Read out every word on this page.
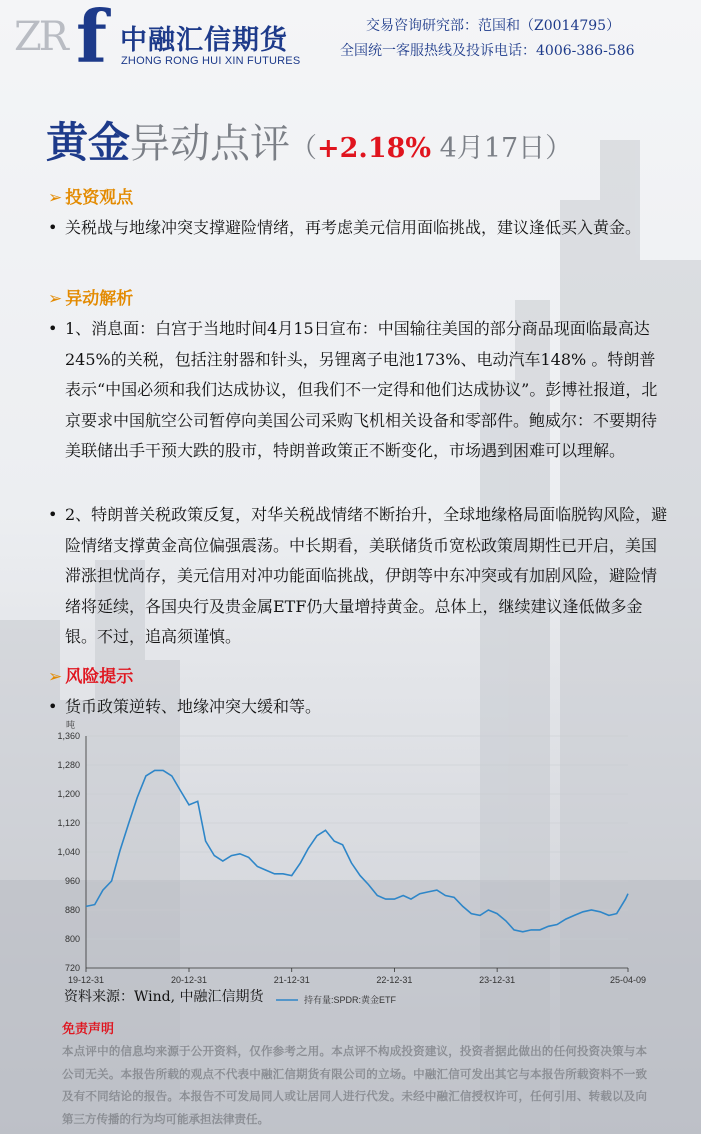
ZR f 中融汇信期货
ZHONG RONG HUI XIN FUTURES
交易咨询研究部：范国和（Z0014795）
全国统一客服热线及投诉电话：4006-386-586
黄金异动点评（+2.18% 4月17日）
➢ 投资观点
• 关税战与地缘冲突支撑避险情绪，再考虑美元信用面临挑战，建议逢低买入黄金。
➢ 异动解析
• 1、消息面：白宫于当地时间4月15日宣布：中国输往美国的部分商品现面临最高达245%的关税，包括注射器和针头，另锂离子电池173%、电动汽车148% 。特朗普表示“中国必须和我们达成协议，但我们不一定得和他们达成协议”。彭博社报道，北京要求中国航空公司暂停向美国公司采购飞机相关设备和零部件。鲍威尔：不要期待美联储出手干预大跌的股市，特朗普政策正不断变化，市场遇到困难可以理解。
• 2、特朗普关税政策反复，对华关税战情绪不断抬升，全球地缘格局面临脱钩风险，避险情绪支撑黄金高位偏强震荡。中长期看，美联储货币宽松政策周期性已开启，美国滞涨担忧尚存，美元信用对冲功能面临挑战，伊朗等中东冲突或有加剧风险，避险情绪将延续，各国央行及贵金属ETF仍大量增持黄金。总体上，继续建议逢低做多金银。不过，追高须谨慎。
➢ 风险提示
• 货币政策逆转、地缘冲突大缓和等。
1,360
1,280
1,200
1,120
1,040
960
880
800
720
吨
19-12-31	20-12-31	21-12-31	22-12-31	23-12-31	25-04-09
持有量:SPDR:黄金ETF
资料来源：Wind, 中融汇信期货
免责声明
本点评中的信息均来源于公开资料，仅作参考之用。本点评不构成投资建议，投资者据此做出的任何投资决策与本公司无关。本报告所载的观点不代表中融汇信期货有限公司的立场。中融汇信可发出其它与本报告所载资料不一致及有不同结论的报告。本报告不可发局同人或让居同人进行代发。未经中融汇信授权许可，任何引用、转载以及向第三方传播的行为均可能承担法律责任。
